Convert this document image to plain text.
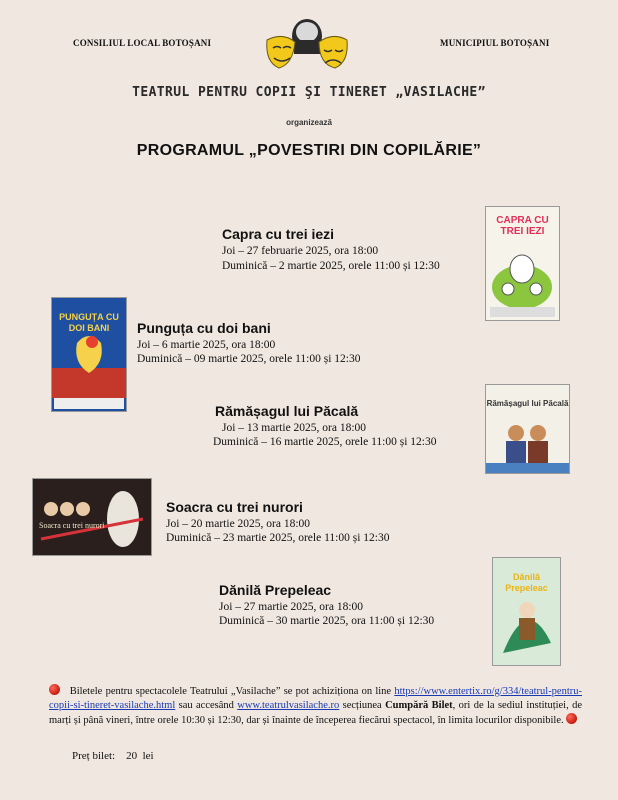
CONSILIUL LOCAL BOTOȘANI	MUNICIPIUL BOTOȘANI
TEATRUL PENTRU COPII ŞI TINERET „VASILACHE”
organizează
PROGRAMUL „POVESTIRI DIN COPILĂRIE”
Capra cu trei iezi
Joi – 27 februarie 2025, ora 18:00
Duminică – 2 martie 2025, orele 11:00 și 12:30
CAPRA CU TREI IEZI
Punguța cu doi bani
Joi – 6 martie 2025, ora 18:00
Duminică – 09 martie 2025, orele 11:00 și 12:30
PUNGUȚA CU DOI BANI
Rămășagul lui Păcală
Joi – 13 martie 2025, ora 18:00
Duminică – 16 martie 2025, orele 11:00 și 12:30
Rămășagul lui Păcală
Soacra cu trei nurori
Joi – 20 martie 2025, ora 18:00
Duminică – 23 martie 2025, orele 11:00 și 12:30
Soacra cu trei nurori
Dănilă Prepeleac
Joi – 27 martie 2025, ora 18:00
Duminică – 30 martie 2025, ora 11:00 și 12:30
Dănilă Prepeleac
Biletele pentru spectacolele Teatrului „Vasilache” se pot achiziționa on line https://www.entertix.ro/g/334/teatrul-pentru-copii-si-tineret-vasilache.html sau accesând www.teatrulvasilache.ro secțiunea Cumpără Bilet, ori de la sediul instituției, de marți și până vineri, între orele 10:30 și 12:30, dar și înainte de începerea fiecărui spectacol, în limita locurilor disponibile.
Preț bilet: 20  lei
